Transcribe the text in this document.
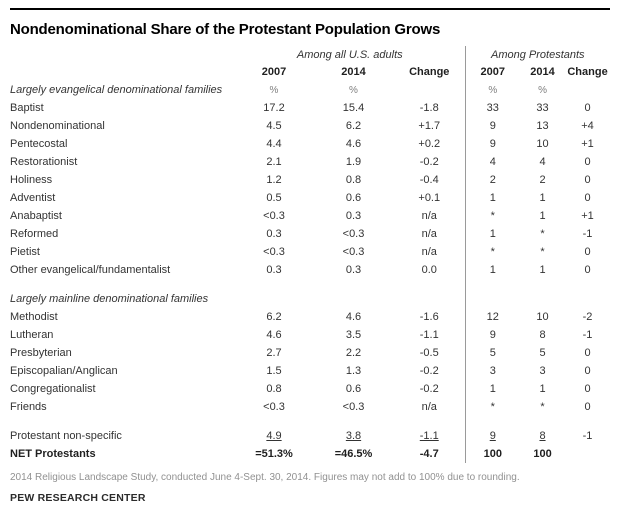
Nondenominational Share of the Protestant Population Grows
	Among all U.S. adults			Among Protestants		
	2007	2014	Change	2007	2014	Change
Largely evangelical denominational families	%	%		%	%	
Baptist	17.2	15.4	-1.8	33	33	0
Nondenominational	4.5	6.2	+1.7	9	13	+4
Pentecostal	4.4	4.6	+0.2	9	10	+1
Restorationist	2.1	1.9	-0.2	4	4	0
Holiness	1.2	0.8	-0.4	2	2	0
Adventist	0.5	0.6	+0.1	1	1	0
Anabaptist	<0.3	0.3	n/a	*	1	+1
Reformed	0.3	<0.3	n/a	1	*	-1
Pietist	<0.3	<0.3	n/a	*	*	0
Other evangelical/fundamentalist	0.3	0.3	0.0	1	1	0

Largely mainline denominational families						
Methodist	6.2	4.6	-1.6	12	10	-2
Lutheran	4.6	3.5	-1.1	9	8	-1
Presbyterian	2.7	2.2	-0.5	5	5	0
Episcopalian/Anglican	1.5	1.3	-0.2	3	3	0
Congregationalist	0.8	0.6	-0.2	1	1	0
Friends	<0.3	<0.3	n/a	*	*	0

Protestant non-specific	4.9	3.8	-1.1	9	8	-1
NET Protestants	=51.3%	=46.5%	-4.7	100	100	

2014 Religious Landscape Study, conducted June 4-Sept. 30, 2014. Figures may not add to 100% due to rounding.

PEW RESEARCH CENTER
